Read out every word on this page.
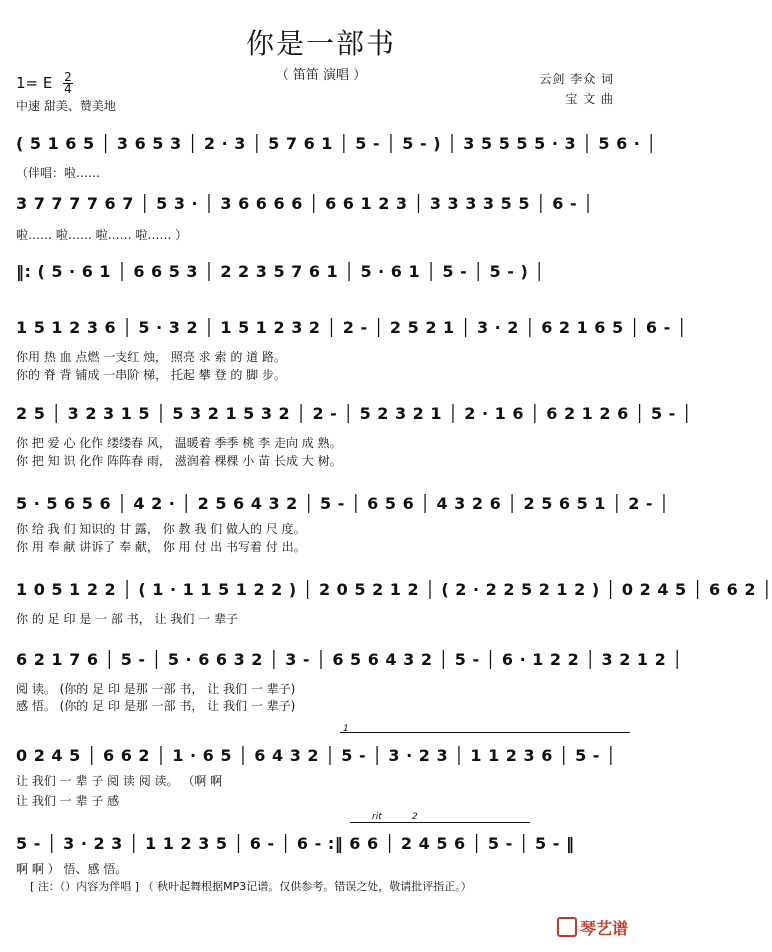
你是一部书
（ 笛笛 演唱 ）
1= E $\frac{2}{4}$
中速 甜美、赞美地
云剑 李众 词
宝 文 曲
( 5 1 6 5 │ 3 6 5 3 │ 2 · 3 │ 5 7 6 1 │ 5 - │ 5 - ) │ 3 5 5 5 5 · 3 │ 5 6 · │
（伴唱：啦……
3 7 7 7 7 6 7 │ 5 3 · │ 3 6 6 6 6 │ 6 6 1 2 3 │ 3 3 3 3 5 5 │ 6 - │
啦…… 啦…… 啦…… 啦…… ）
‖: ( 5 · 6 1 │ 6 6 5 3 │ 2 2 3 5 7 6 1 │ 5 · 6 1 │ 5 - │ 5 - ) │
1 5 1 2 3 6 │ 5 · 3 2 │ 1 5 1 2 3 2 │ 2 - │ 2 5 2 1 │ 3 · 2 │ 6 2 1 6 5 │ 6 - │
你用 热 血 点燃 一支红 烛， 照亮 求 索 的 道 路。
你的 脊 背 铺成 一串阶 梯， 托起 攀 登 的 脚 步。
2 5 │ 3 2 3 1 5 │ 5 3 2 1 5 3 2 │ 2 - │ 5 2 3 2 1 │ 2 · 1 6 │ 6 2 1 2 6 │ 5 - │
你 把 爱 心 化作 缕缕春 风， 温暖着 季季 桃 李 走向 成 熟。
你 把 知 识 化作 阵阵春 雨， 滋润着 棵棵 小 苗 长成 大 树。
5 · 5 6 5 6 │ 4 2 · │ 2 5 6 4 3 2 │ 5 - │ 6 5 6 │ 4 3 2 6 │ 2 5 6 5 1 │ 2 - │
你 给 我 们 知识的 甘 露， 你 教 我 们 做人的 尺 度。
你 用 奉 献 讲诉了 奉 献， 你 用 付 出 书写着 付 出。
1 0 5 1 2 2 │ ( 1 · 1 1 5 1 2 2 ) │ 2 0 5 2 1 2 │ ( 2 · 2 2 5 2 1 2 ) │ 0 2 4 5 │ 6 6 2 │
你 的 足 印 是 一 部 书， 让 我们 一 辈子
6 2 1 7 6 │ 5 - │ 5 · 6 6 3 2 │ 3 - │ 6 5 6 4 3 2 │ 5 - │ 6 · 1 2 2 │ 3 2 1 2 │
阅 读。 (你的 足 印 是那 一部 书， 让 我们 一 辈子)
感 悟。 (你的 足 印 是那 一部 书， 让 我们 一 辈子)
1
0 2 4 5 │ 6 6 2 │ 1 · 6 5 │ 6 4 3 2 │ 5 - │ 3 · 2 3 │ 1 1 2 3 6 │ 5 - │
让 我们 一 辈 子 阅 读 阅 读。 （啊 啊
让 我们 一 辈 子 感
rit	2
5 - │ 3 · 2 3 │ 1 1 2 3 5 │ 6 - │ 6 - :‖ 6 6 │ 2 4 5 6 │ 5 - │ 5 - ‖
啊 啊 ） 悟、感 悟。
[ 注：（）内容为伴唱 ] （ 秋叶起舞根据MP3记谱。仅供参考。错误之处，敬请批评指正。）
琴艺谱
